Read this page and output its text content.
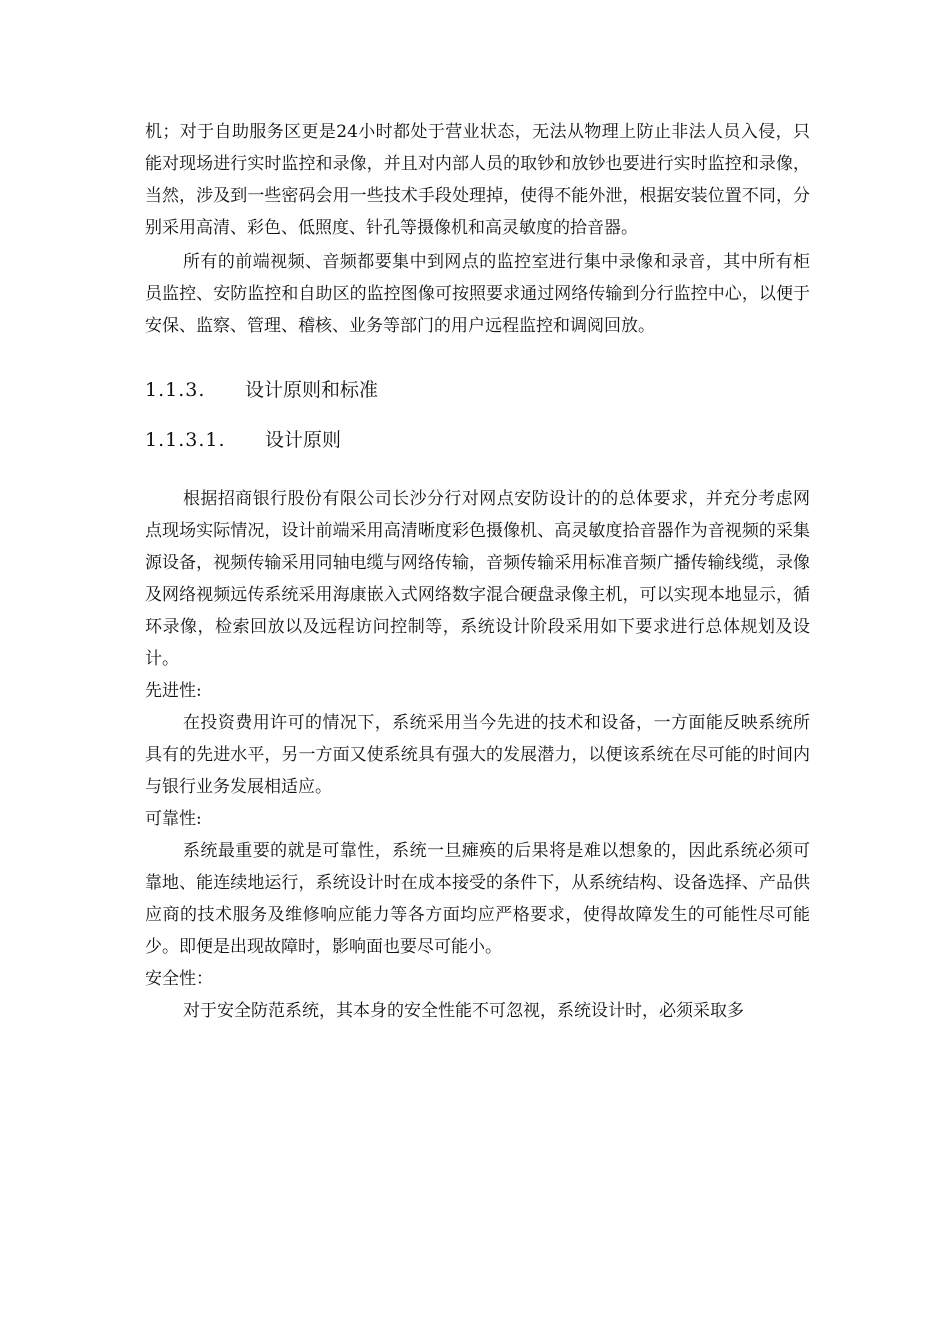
机；对于自助服务区更是24小时都处于营业状态，无法从物理上防止非法人员入侵，只能对现场进行实时监控和录像，并且对内部人员的取钞和放钞也要进行实时监控和录像，当然，涉及到一些密码会用一些技术手段处理掉，使得不能外泄，根据安装位置不同，分别采用高清、彩色、低照度、针孔等摄像机和高灵敏度的拾音器。

所有的前端视频、音频都要集中到网点的监控室进行集中录像和录音，其中所有柜员监控、安防监控和自助区的监控图像可按照要求通过网络传输到分行监控中心，以便于安保、监察、管理、稽核、业务等部门的用户远程监控和调阅回放。

1.1.3.	设计原则和标准
1.1.3.1.	设计原则

根据招商银行股份有限公司长沙分行对网点安防设计的的总体要求，并充分考虑网点现场实际情况，设计前端采用高清晰度彩色摄像机、高灵敏度拾音器作为音视频的采集源设备，视频传输采用同轴电缆与网络传输，音频传输采用标准音频广播传输线缆，录像及网络视频远传系统采用海康嵌入式网络数字混合硬盘录像主机，可以实现本地显示，循环录像，检索回放以及远程访问控制等，系统设计阶段采用如下要求进行总体规划及设计。

先进性:

在投资费用许可的情况下，系统采用当今先进的技术和设备，一方面能反映系统所具有的先进水平，另一方面又使系统具有强大的发展潜力，以便该系统在尽可能的时间内与银行业务发展相适应。

可靠性:

系统最重要的就是可靠性，系统一旦瘫痪的后果将是难以想象的，因此系统必须可靠地、能连续地运行，系统设计时在成本接受的条件下，从系统结构、设备选择、产品供应商的技术服务及维修响应能力等各方面均应严格要求，使得故障发生的可能性尽可能少。即便是出现故障时，影响面也要尽可能小。

安全性：

对于安全防范系统，其本身的安全性能不可忽视，系统设计时，必须采取多
